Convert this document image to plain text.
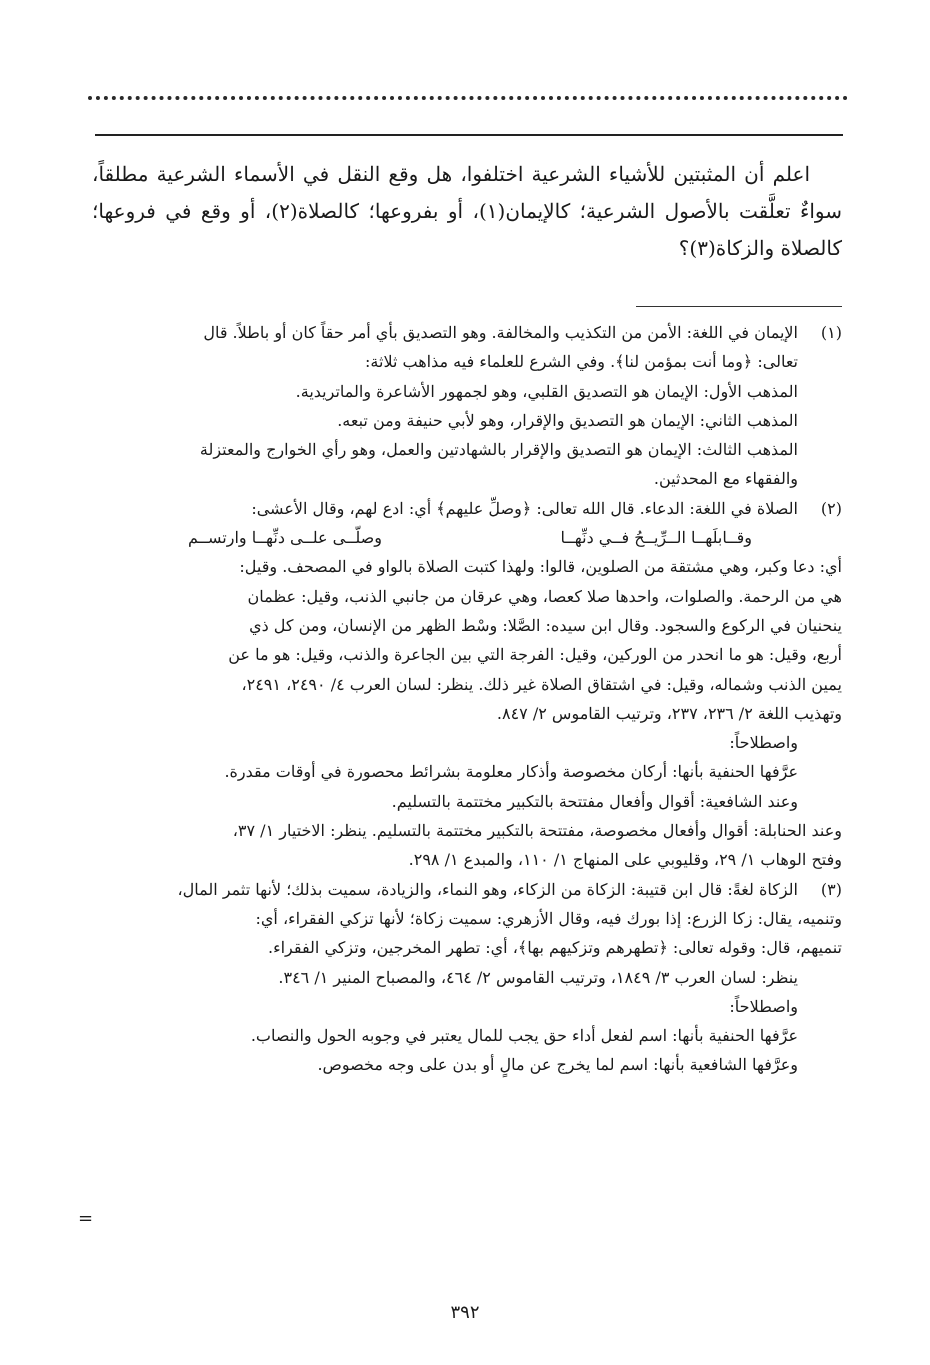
اعلم أن المثبتين للأشياء الشرعية اختلفوا، هل وقع النقل في الأسماء الشرعية مطلقاً، سواءٌ تعلَّقت بالأصول الشرعية؛ كالإيمان(١)، أو بفروعها؛ كالصلاة(٢)، أو وقع في فروعها؛ كالصلاة والزكاة(٣)؟

(١)
الإيمان في اللغة: الأمن من التكذيب والمخالفة. وهو التصديق بأي أمر حقاً كان أو باطلاً. قال
تعالى: ﴿وما أنت بمؤمن لنا﴾. وفي الشرع للعلماء فيه مذاهب ثلاثة:
المذهب الأول: الإيمان هو التصديق القلبي، وهو لجمهور الأشاعرة والماتريدية.
المذهب الثاني: الإيمان هو التصديق والإقرار، وهو لأبي حنيفة ومن تبعه.
المذهب الثالث: الإيمان هو التصديق والإقرار بالشهادتين والعمل، وهو رأي الخوارج والمعتزلة
والفقهاء مع المحدثين.
(٢)
الصلاة في اللغة: الدعاء. قال الله تعالى: ﴿وصلِّ عليهم﴾ أي: ادع لهم، وقال الأعشى:
وقــابلَهــا الــرِّيــحُ فــي دنِّهــا
وصلّــى علــى دنِّهــا وارتســم
أي: دعا وكبر، وهي مشتقة من الصلوين، قالوا: ولهذا كتبت الصلاة بالواو في المصحف. وقيل:
هي من الرحمة. والصلوات، واحدها صلا كعصا، وهي عرقان من جانبي الذنب، وقيل: عظمان
ينحنيان في الركوع والسجود. وقال ابن سيده: الصَّلا: وسْط الظهر من الإنسان، ومن كل ذي
أربع، وقيل: هو ما انحدر من الوركين، وقيل: الفرجة التي بين الجاعرة والذنب، وقيل: هو ما عن
يمين الذنب وشماله، وقيل: في اشتقاق الصلاة غير ذلك. ينظر: لسان العرب ٤/ ٢٤٩٠، ٢٤٩١،
وتهذيب اللغة ٢/ ٢٣٦، ٢٣٧، وترتيب القاموس ٢/ ٨٤٧.
واصطلاحاً:
عرَّفها الحنفية بأنها: أركان مخصوصة وأذكار معلومة بشرائط محصورة في أوقات مقدرة.
وعند الشافعية: أقوال وأفعال مفتتحة بالتكبير مختتمة بالتسليم.
وعند الحنابلة: أقوال وأفعال مخصوصة، مفتتحة بالتكبير مختتمة بالتسليم. ينظر: الاختيار ١/ ٣٧،
وفتح الوهاب ١/ ٢٩، وقليوبي على المنهاج ١/ ١١٠، والمبدع ١/ ٢٩٨.
(٣)
الزكاة لغةً: قال ابن قتيبة: الزكاة من الزكاء، وهو النماء، والزيادة، سميت بذلك؛ لأنها تثمر المال،
وتنميه، يقال: زكا الزرع: إذا بورك فيه، وقال الأزهري: سميت زكاة؛ لأنها تزكي الفقراء، أي:
تنميهم، قال: وقوله تعالى: ﴿تطهرهم وتزكيهم بها﴾، أي: تطهر المخرجين، وتزكي الفقراء.
ينظر: لسان العرب ٣/ ١٨٤٩، وترتيب القاموس ٢/ ٤٦٤، والمصباح المنير ١/ ٣٤٦.
واصطلاحاً:
عرَّفها الحنفية بأنها: اسم لفعل أداء حق يجب للمال يعتبر في وجوبه الحول والنصاب.
وعرَّفها الشافعية بأنها: اسم لما يخرج عن مالٍ أو بدن على وجه مخصوص.
=
٣٩٢
